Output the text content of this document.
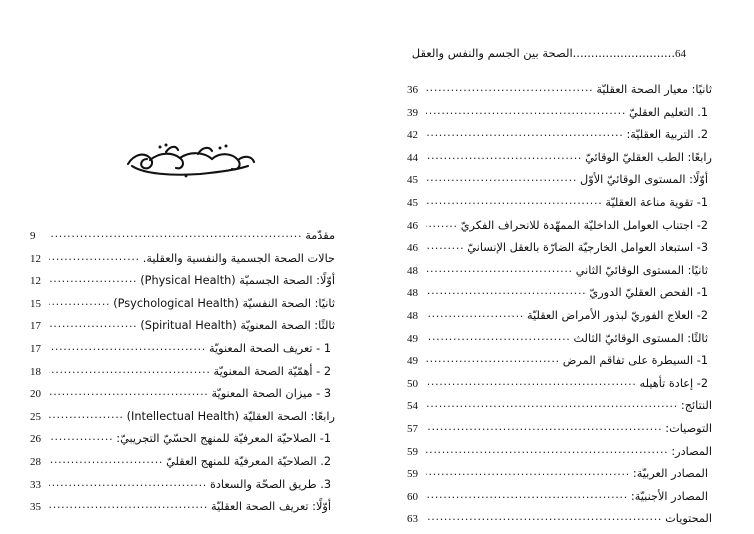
64............................الصحة بين الجسم والنفس والعقل
36 .....	ثانيًا: معيار الصحة العقليّة
39 .....	1. التعليم العقليّ
42 .....	2. التربية العقليّة:
44 .....	رابعًا: الطب العقليّ الوقائيّ
45 .....	أوّلًا: المستوى الوقائيّ الأوّل
45 .....	1- تقوية مناعة العقليّة
46 .....	2- اجتناب العوامل الداخليّة الممهّدة للانحراف الفكريّ
46 .....	3- استبعاد العوامل الخارجيّة الضارّة بالعقل الإنسانيّ
48 .....	ثانيًا: المستوى الوقائيّ الثاني
48 .....	1- الفحص العقليّ الدوريّ
48 .....	2- العلاج الفوريّ لبذور الأمراض العقليّة
49 .....	ثالثًا: المستوى الوقائيّ الثالث
49 .....	1- السيطرة على تفاقم المرض
50 .....	2- إعادة تأهيله
54 .....	النتائج:
57 .....	التوصيات:
59 .....	المصادر:
59 .....	المصادر العربيّة:
60 .....	المصادر الأجنبيّة:
63 .....	المحتويات
9 .....	مقدّمة
12 .....	حالات الصحة الجسمية والنفسية والعقلية.
12 .....	أوّلًا: الصحة الجسميّة (Physical Health)
15 .....	ثانيًا: الصحة النفسيّة (Psychological Health)
17 .....	ثالثًا: الصحة المعنويّة (Spiritual Health)
17 .....	1 - تعريف الصحة المعنويّة
18 .....	2 - أهمّيّة الصحة المعنويّة
20 .....	3 - ميزان الصحة المعنويّة
25 .....	رابعًا: الصحة العقليّة (Intellectual Health)
26 .....	1- الصلاحيّة المعرفيّة للمنهج الحسّيّ التجريبيّ:
28 .....	2. الصلاحيّة المعرفيّة للمنهج العقليّ
33 .....	3. طريق الصحّة والسعادة
35 .....	أوّلًا: تعريف الصحة العقليّة
